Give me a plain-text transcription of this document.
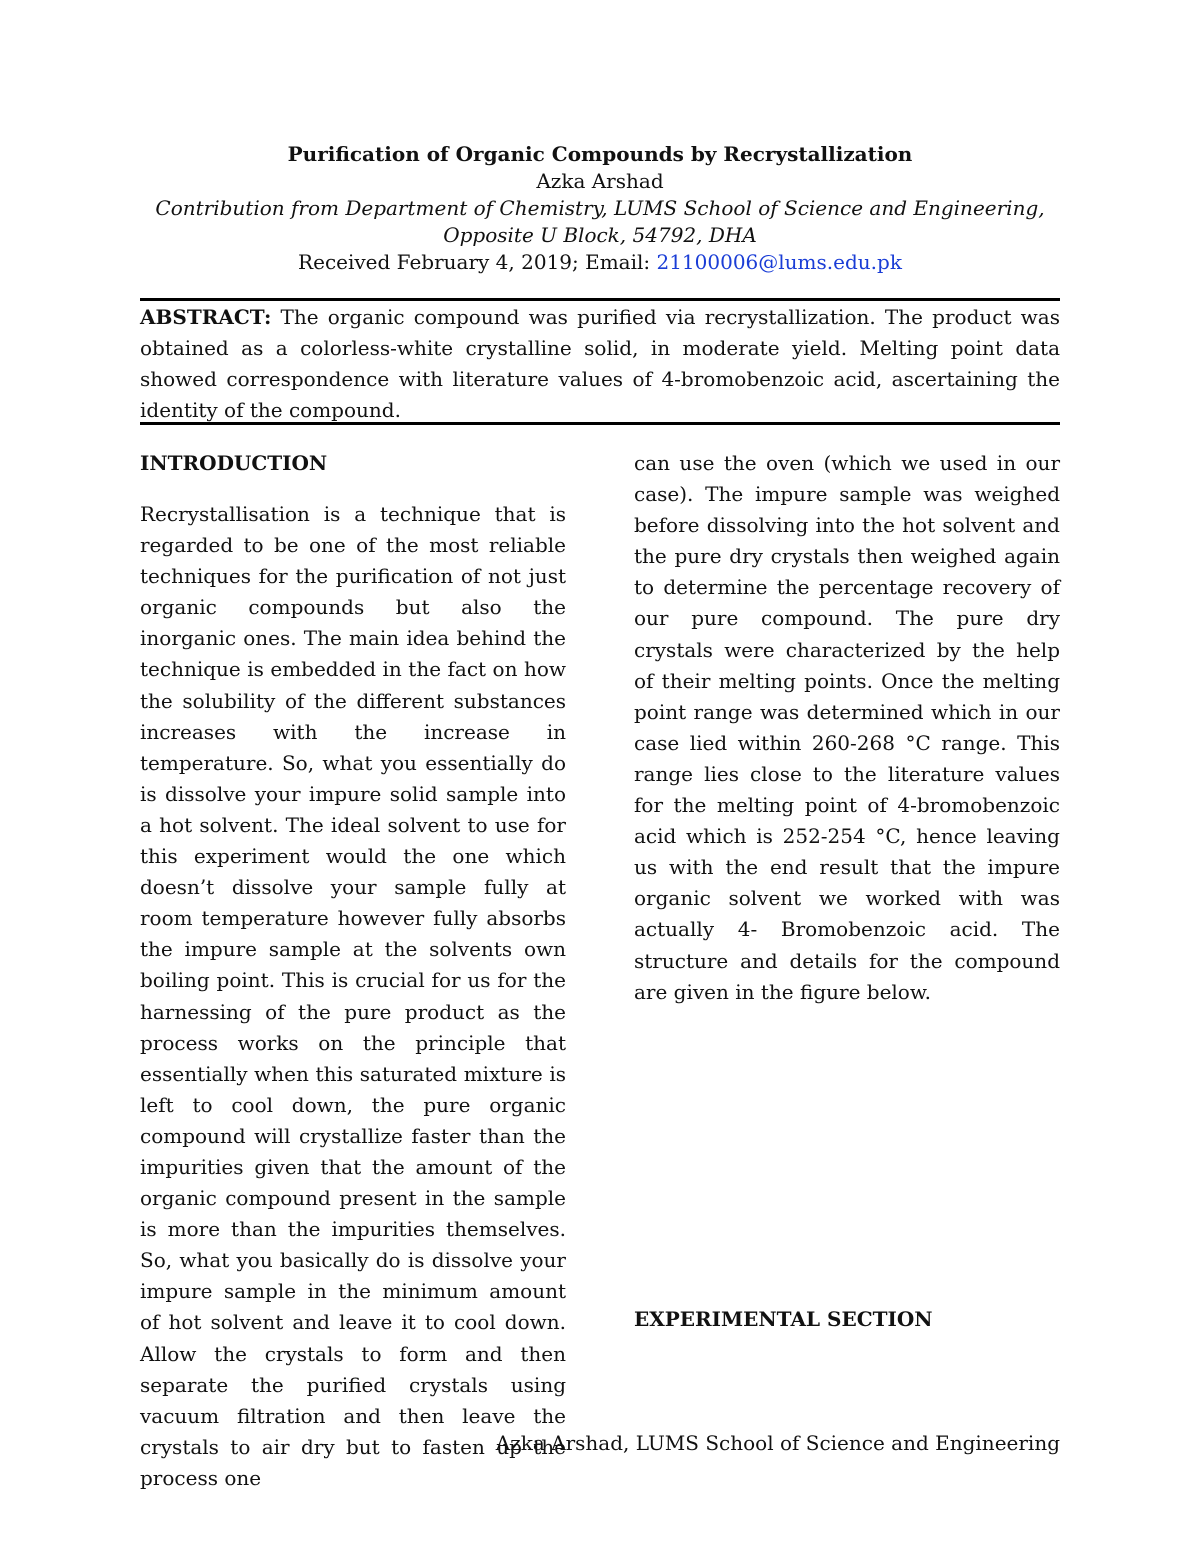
Purification of Organic Compounds by Recrystallization
Azka Arshad
Contribution from Department of Chemistry, LUMS School of Science and Engineering,
Opposite U Block, 54792, DHA
Received February 4, 2019; Email: 21100006@lums.edu.pk
ABSTRACT: The organic compound was purified via recrystallization. The product was obtained as a colorless-white crystalline solid, in moderate yield. Melting point data showed correspondence with literature values of 4-bromobenzoic acid, ascertaining the identity of the compound.
INTRODUCTION

Recrystallisation is a technique that is regarded to be one of the most reliable techniques for the purification of not just organic compounds but also the inorganic ones. The main idea behind the technique is embedded in the fact on how the solubility of the different substances increases with the increase in temperature. So, what you essentially do is dissolve your impure solid sample into a hot solvent. The ideal solvent to use for this experiment would the one which doesn’t dissolve your sample fully at room temperature however fully absorbs the impure sample at the solvents own boiling point. This is crucial for us for the harnessing of the pure product as the process works on the principle that essentially when this saturated mixture is left to cool down, the pure organic compound will crystallize faster than the impurities given that the amount of the organic compound present in the sample is more than the impurities themselves. So, what you basically do is dissolve your impure sample in the minimum amount of hot solvent and leave it to cool down. Allow the crystals to form and then separate the purified crystals using vacuum filtration and then leave the crystals to air dry but to fasten up the process one

can use the oven (which we used in our case). The impure sample was weighed before dissolving into the hot solvent and the pure dry crystals then weighed again to determine the percentage recovery of our pure compound. The pure dry crystals were characterized by the help of their melting points. Once the melting point range was determined which in our case lied within 260-268 °C range. This range lies close to the literature values for the melting point of 4-bromobenzoic acid which is 252-254 °C, hence leaving us with the end result that the impure organic solvent we worked with was actually 4- Bromobenzoic acid. The structure and details for the compound are given in the figure below.

EXPERIMENTAL SECTION
Azka Arshad, LUMS School of Science and Engineering
